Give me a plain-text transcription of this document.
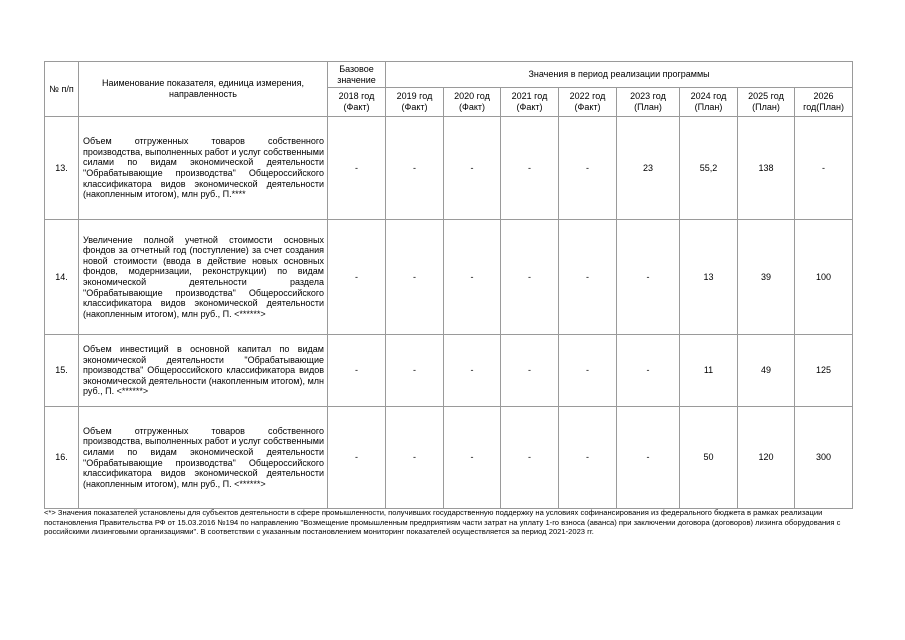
№ п/п	Наименование показателя, единица измерения, направленность	Базовое значение	Значения в период реализации программы							
		2018 год (Факт)	2019 год (Факт)	2020 год (Факт)	2021 год (Факт)	2022 год (Факт)	2023 год (План)	2024 год (План)	2025 год (План)	2026 год(План)
13.	Объем отгруженных товаров собственного производства, выполненных работ и услуг собственными силами по видам экономической деятельности "Обрабатывающие производства" Общероссийского классификатора видов экономической деятельности (накопленным итогом), млн руб., П.****	-	-	-	-	-	23	55,2	138	-
14.	Увеличение полной учетной стоимости основных фондов за отчетный год (поступление) за счет создания новой стоимости (ввода в действие новых основных фондов, модернизации, реконструкции) по видам экономической деятельности раздела "Обрабатывающие производства" Общероссийского классификатора видов экономической деятельности (накопленным итогом), млн руб., П. <******>	-	-	-	-	-	-	13	39	100
15.	Объем инвестиций в основной капитал по видам экономической деятельности "Обрабатывающие производства" Общероссийского классификатора видов экономической деятельности (накопленным итогом), млн руб., П. <******>	-	-	-	-	-	-	11	49	125
16.	Объем отгруженных товаров собственного производства, выполненных работ и услуг собственными силами по видам экономической деятельности "Обрабатывающие производства" Общероссийского классификатора видов экономической деятельности (накопленным итогом), млн руб., П. <******>	-	-	-	-	-	-	50	120	300
<*> Значения показателей установлены для субъектов деятельности в сфере промышленности, получивших государственную поддержку на условиях софинансирования из федерального бюджета в рамках реализации постановления Правительства РФ от 15.03.2016 №194 по направлению "Возмещение промышленным предприятиям части затрат на уплату 1-го взноса (аванса) при заключении договора (договоров) лизинга оборудования с российскими лизинговыми организациями". В соответствии с указанным постановлением мониторинг показателей осуществляется за период 2021-2023 гг.
